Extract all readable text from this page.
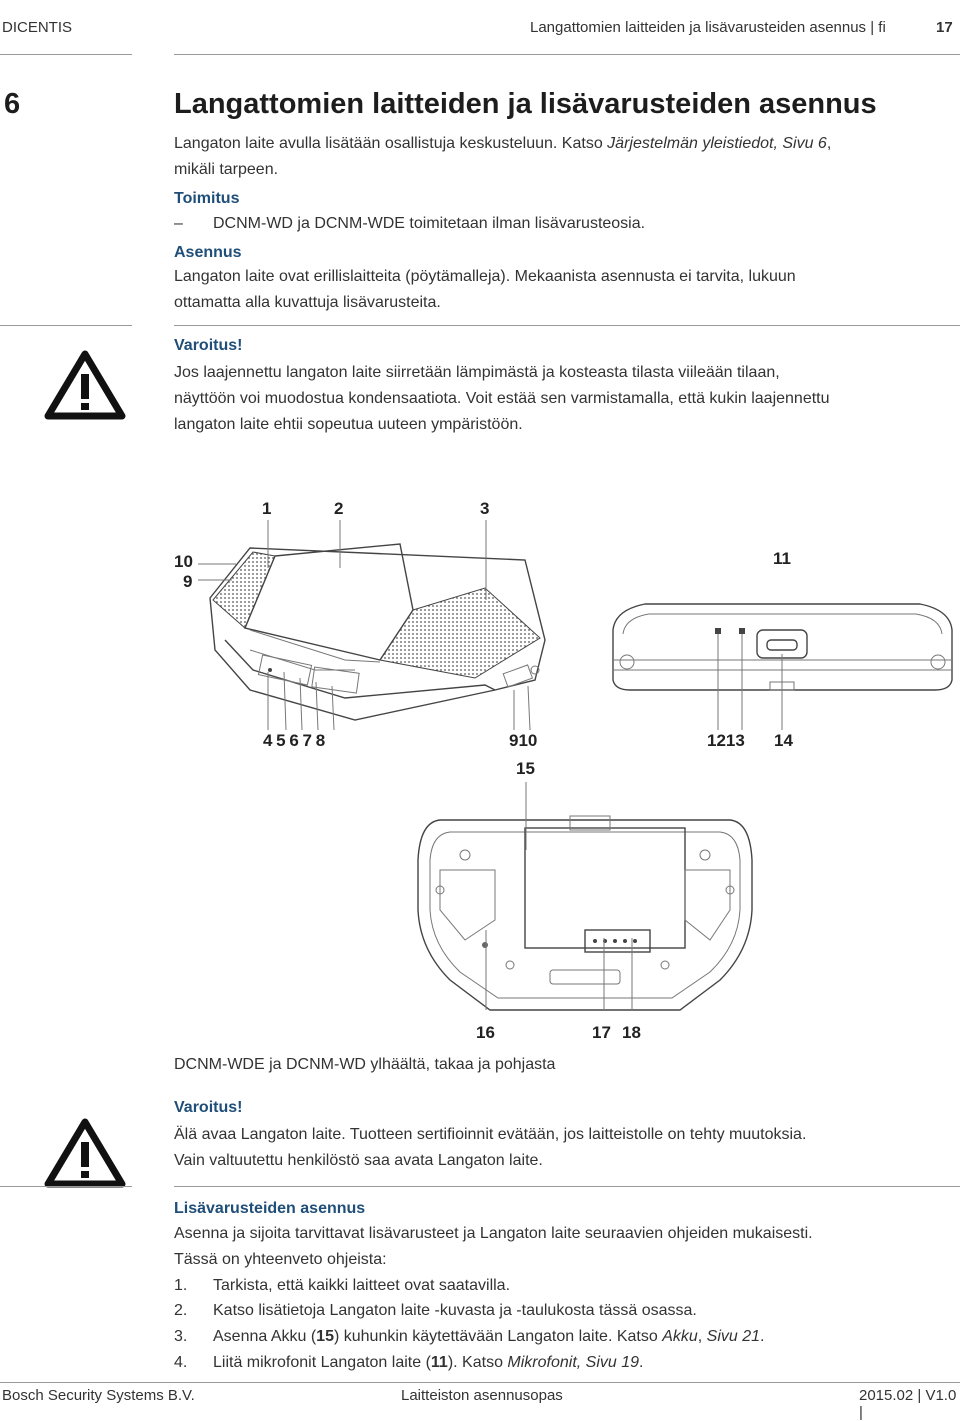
DICENTIS	Langattomien laitteiden ja lisävarusteiden asennus | fi	17
6	Langattomien laitteiden ja lisävarusteiden asennus
Langaton laite avulla lisätään osallistuja keskusteluun. Katso Järjestelmän yleistiedot, Sivu 6,
mikäli tarpeen.
Toimitus
– DCNM-WD ja DCNM-WDE toimitetaan ilman lisävarusteosia.
Asennus
Langaton laite ovat erillislaitteita (pöytämalleja). Mekaanista asennusta ei tarvita, lukuun
ottamatta alla kuvattuja lisävarusteita.
Varoitus!
Jos laajennettu langaton laite siirretään lämpimästä ja kosteasta tilasta viileään tilaan,
näyttöön voi muodostua kondensaatiota. Voit estää sen varmistamalla, että kukin laajennettu
langaton laite ehtii sopeutua uuteen ympäristöön.
1	2	3
10
9
11
4 5 6 7 8	910	1213 14
15
16	17 18
DCNM-WDE ja DCNM-WD ylhäältä, takaa ja pohjasta
Varoitus!
Älä avaa Langaton laite. Tuotteen sertifioinnit evätään, jos laitteistolle on tehty muutoksia.
Vain valtuutettu henkilöstö saa avata Langaton laite.
Lisävarusteiden asennus
Asenna ja sijoita tarvittavat lisävarusteet ja Langaton laite seuraavien ohjeiden mukaisesti.
Tässä on yhteenveto ohjeista:
1. Tarkista, että kaikki laitteet ovat saatavilla.
2. Katso lisätietoja Langaton laite -kuvasta ja -taulukosta tässä osassa.
3. Asenna Akku (15) kuhunkin käytettävään Langaton laite. Katso Akku, Sivu 21.
4. Liitä mikrofonit Langaton laite (11). Katso Mikrofonit, Sivu 19.
Bosch Security Systems B.V.	Laitteiston asennusopas	2015.02 | V1.0 |
